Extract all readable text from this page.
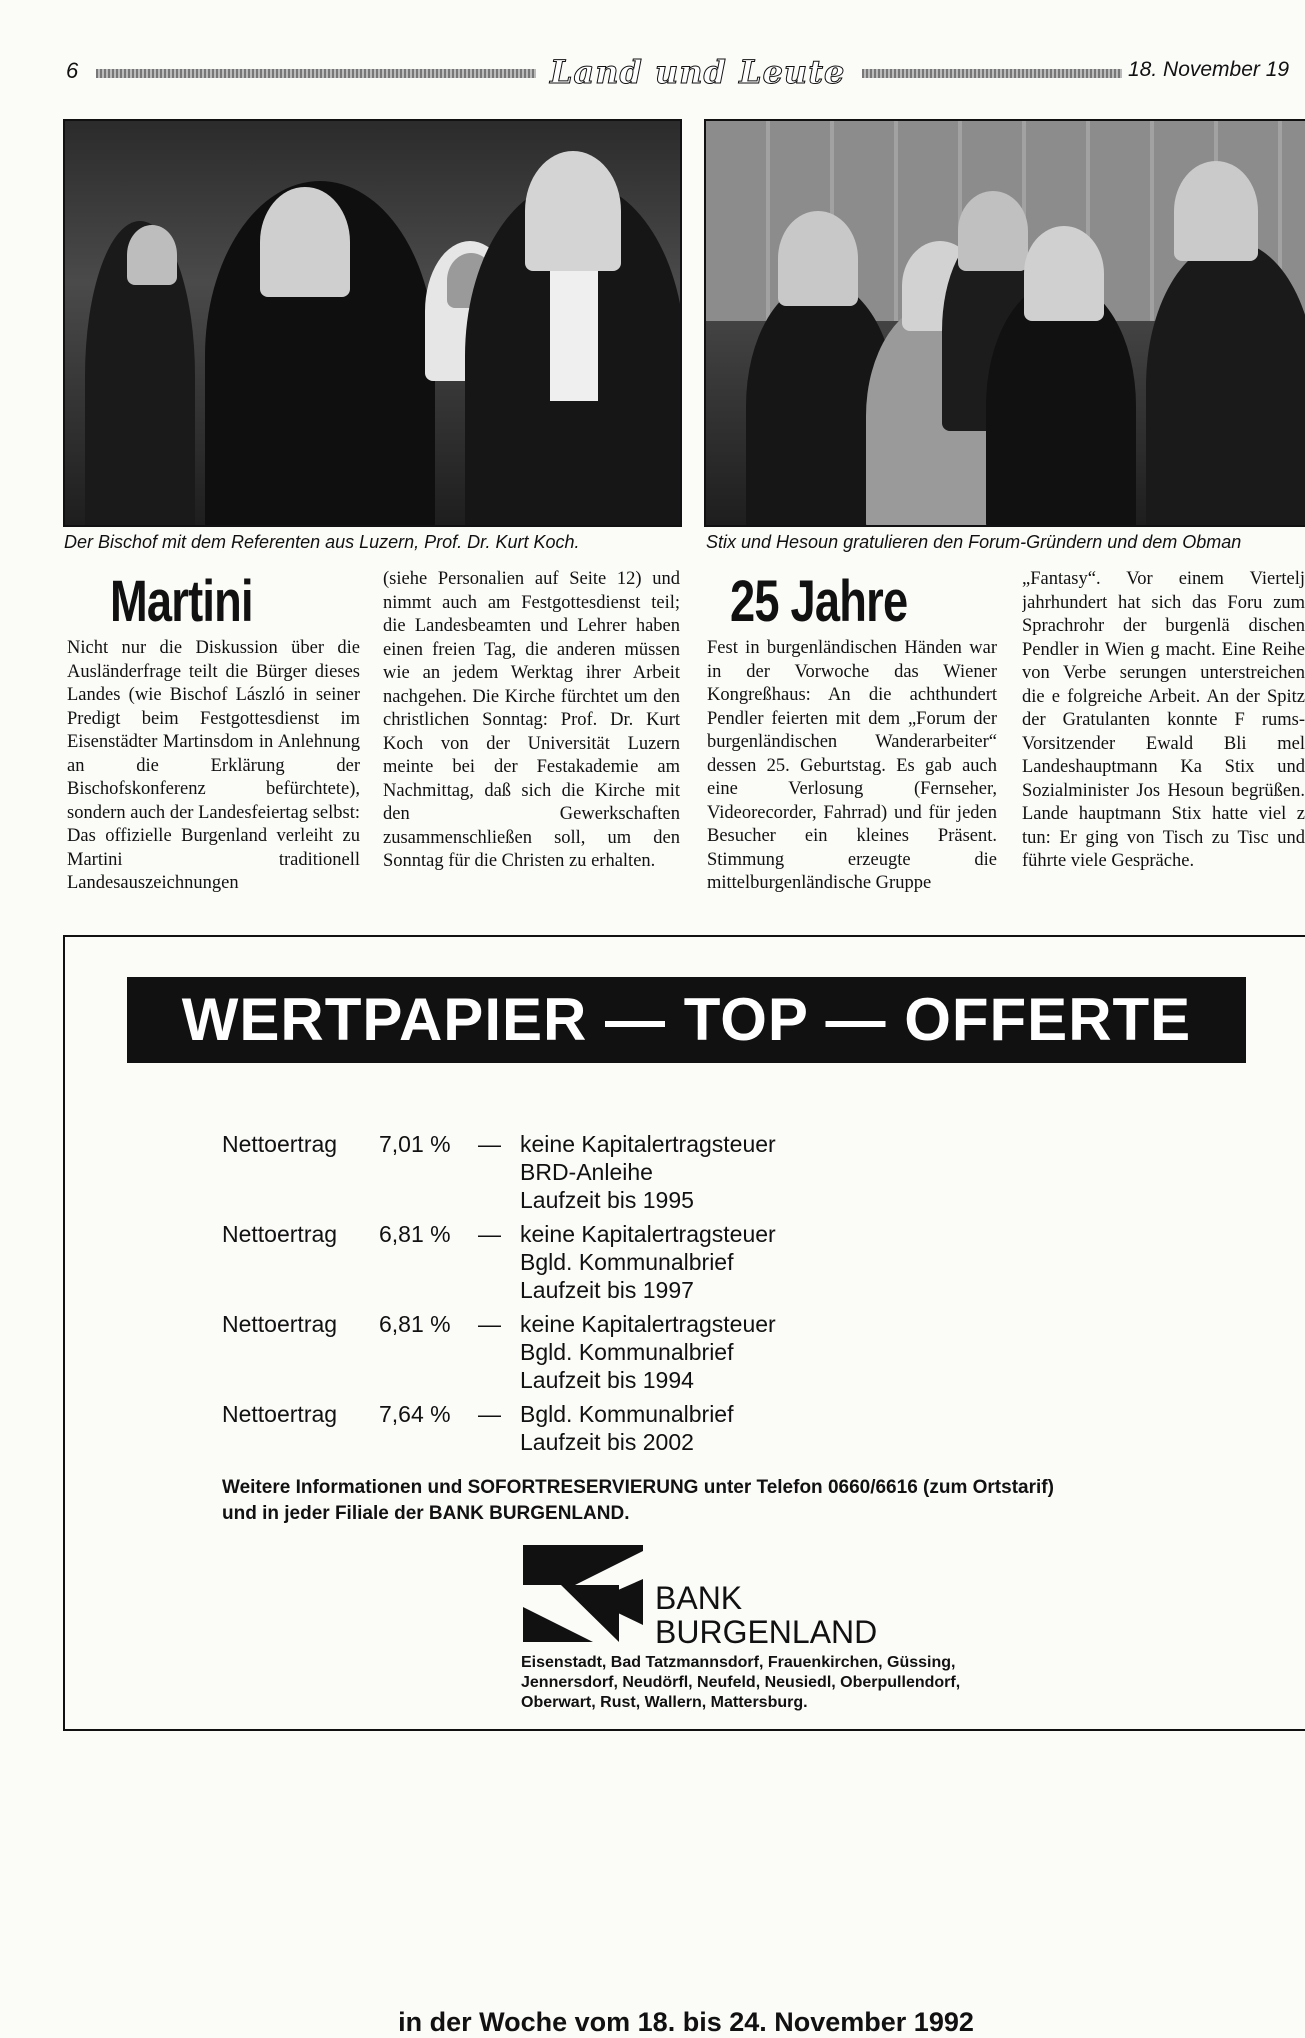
6	Land und Leute	18. November 19
Der Bischof mit dem Referenten aus Luzern, Prof. Dr. Kurt Koch.	Stix und Hesoun gratulieren den Forum-Gründern und dem Obman
Martini

Nicht nur die Diskussion über die Ausländerfrage teilt die Bürger dieses Landes (wie Bischof László in seiner Predigt beim Festgottesdienst im Eisenstädter Martinsdom in Anlehnung an die Erklärung der Bischofskonferenz befürchtete), sondern auch der Landesfeiertag selbst: Das offizielle Burgenland verleiht zu Martini traditionell Landesauszeichnungen

(siehe Personalien auf Seite 12) und nimmt auch am Festgottesdienst teil; die Landesbeamten und Lehrer haben einen freien Tag, die anderen müssen wie an jedem Werktag ihrer Arbeit nachgehen. Die Kirche fürchtet um den christlichen Sonntag: Prof. Dr. Kurt Koch von der Universität Luzern meinte bei der Festakademie am Nachmittag, daß sich die Kirche mit den Gewerkschaften zusammenschließen soll, um den Sonntag für die Christen zu erhalten.

25 Jahre

Fest in burgenländischen Händen war in der Vorwoche das Wiener Kongreßhaus: An die achthundert Pendler feierten mit dem „Forum der burgenländischen Wanderarbeiter“ dessen 25. Geburtstag. Es gab auch eine Verlosung (Fernseher, Videorecorder, Fahrrad) und für jeden Besucher ein kleines Präsent. Stimmung erzeugte die mittelburgenländische Gruppe

„Fantasy“. Vor einem Viertelj jahrhundert hat sich das Foru zum Sprachrohr der burgenlä dischen Pendler in Wien g macht. Eine Reihe von Verbe serungen unterstreichen die e folgreiche Arbeit. An der Spitz der Gratulanten konnte F rums-Vorsitzender Ewald Bli mel Landeshauptmann Ka Stix und Sozialminister Jos Hesoun begrüßen. Lande hauptmann Stix hatte viel z tun: Er ging von Tisch zu Tisc und führte viele Gespräche.

in der Woche vom 18. bis 24. November 1992
Nettoertrag 7,01 % — keine Kapitalertragsteuer
BRD-Anleihe
Laufzeit bis 1995
Nettoertrag 6,81 % — keine Kapitalertragsteuer
Bgld. Kommunalbrief
Laufzeit bis 1997
Nettoertrag 6,81 % — keine Kapitalertragsteuer
Bgld. Kommunalbrief
Laufzeit bis 1994
Nettoertrag 7,64 % — Bgld. Kommunalbrief
Laufzeit bis 2002
Weitere Informationen und SOFORTRESERVIERUNG unter Telefon 0660/6616 (zum Ortstarif)
und in jeder Filiale der BANK BURGENLAND.
BANK
BURGENLAND
Eisenstadt, Bad Tatzmannsdorf, Frauenkirchen, Güssing,
Jennersdorf, Neudörfl, Neufeld, Neusiedl, Oberpullendorf,
Oberwart, Rust, Wallern, Mattersburg.
WERTPAPIER — TOP — OFFERTE
